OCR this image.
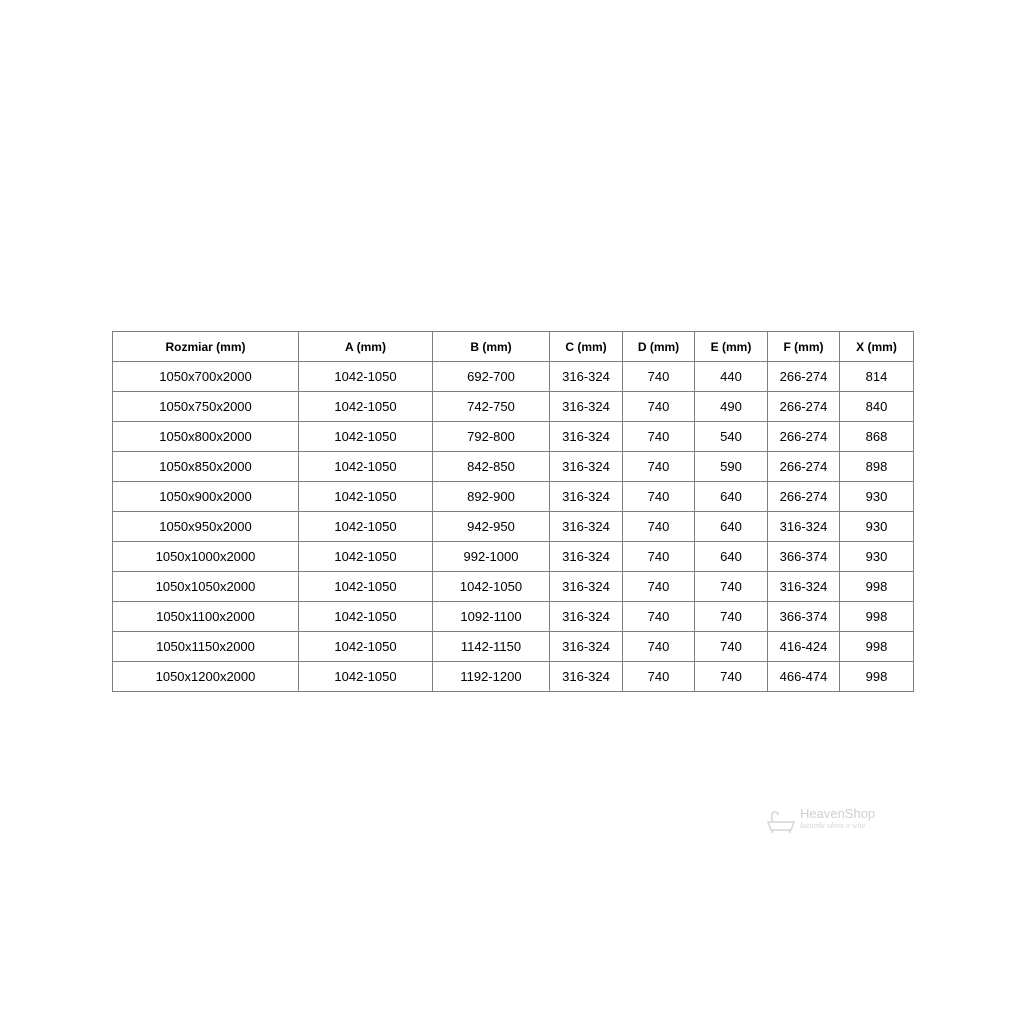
Rozmiar (mm)	A (mm)	B (mm)	C (mm)	D (mm)	E (mm)	F (mm)	X (mm)
1050x700x2000	1042-1050	692-700	316-324	740	440	266-274	814
1050x750x2000	1042-1050	742-750	316-324	740	490	266-274	840
1050x800x2000	1042-1050	792-800	316-324	740	540	266-274	868
1050x850x2000	1042-1050	842-850	316-324	740	590	266-274	898
1050x900x2000	1042-1050	892-900	316-324	740	640	266-274	930
1050x950x2000	1042-1050	942-950	316-324	740	640	316-324	930
1050x1000x2000	1042-1050	992-1000	316-324	740	640	366-374	930
1050x1050x2000	1042-1050	1042-1050	316-324	740	740	316-324	998
1050x1100x2000	1042-1050	1092-1100	316-324	740	740	366-374	998
1050x1150x2000	1042-1050	1142-1150	316-324	740	740	416-424	998
1050x1200x2000	1042-1050	1192-1200	316-324	740	740	466-474	998
HeavenShop
łazienki ukres o wite
